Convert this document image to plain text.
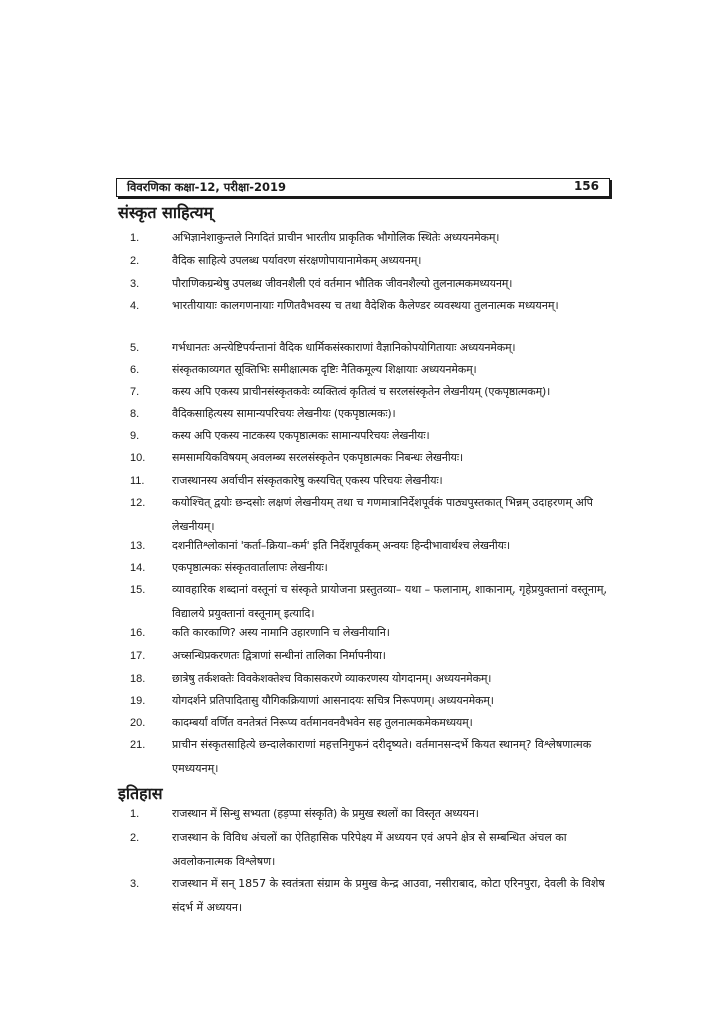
विवरणिका कक्षा-12, परीक्षा-2019	156
संस्कृत साहित्यम्
1.	अभिज्ञानेशाकुन्तले निगदितं प्राचीन भारतीय प्राकृतिक भौगोलिक स्थितेः अध्ययनमेकम्।
2.	वैदिक साहित्ये उपलब्ध पर्यावरण संरक्षणोपायानामेकम् अध्ययनम्।
3.	पौराणिकग्रन्थेषु उपलब्ध जीवनशैली एवं वर्तमान भौतिक जीवनशैल्यो तुलनात्मकमध्ययनम्।
4.	भारतीयायाः कालगणनायाः गणितवैभवस्य च तथा वैदेशिक कैलेण्डर व्यवस्थया तुलनात्मक मध्ययनम्।
5.	गर्भधानतः अन्त्येष्टिपर्यन्तानां वैदिक धार्मिकसंस्काराणां वैज्ञानिकोपयोगितायाः अध्ययनमेकम्।
6.	संस्कृतकाव्यगत सूक्तिभिः समीक्षात्मक दृष्टिः नैतिकमूल्य शिक्षायाः अध्ययनमेकम्।
7.	कस्य अपि एकस्य प्राचीनसंस्कृतकवेः व्यक्तित्वं कृतित्वं च सरलसंस्कृतेन लेखनीयम् (एकपृष्ठात्मकम्)।
8.	वैदिकसाहित्यस्य सामान्यपरिचयः लेखनीयः (एकपृष्ठात्मकः)।
9.	कस्य अपि एकस्य नाटकस्य एकपृष्ठात्मकः सामान्यपरिचयः लेखनीयः।
10. समसामयिकविषयम् अवलम्ब्य सरलसंस्कृतेन एकपृष्ठात्मकः निबन्धः लेखनीयः।
11.	राजस्थानस्य अर्वाचीन संस्कृतकारेषु कस्यचित् एकस्य परिचयः लेखनीयः।
12. कयोश्चित् द्वयोः छन्दसोः लक्षणं लेखनीयम् तथा च गणमात्रानिर्देशपूर्वकं पाठ्यपुस्तकात् भिन्नम् उदाहरणम् अपि लेखनीयम्।
13. दशनीतिश्लोकानां 'कर्ता–क्रिया–कर्म' इति निर्देशपूर्वकम् अन्वयः हिन्दीभावार्थश्च लेखनीयः।
14. एकपृष्ठात्मकः संस्कृतवार्तालापः लेखनीयः।
15. व्यावहारिक शब्दानां वस्तूनां च संस्कृते प्रायोजना प्रस्तुतव्या– यथा – फलानाम्, शाकानाम्, गृहेप्रयुक्तानां वस्तूनाम्, विद्यालये प्रयुक्तानां वस्तूनाम् इत्यादि।
16. कति कारकाणि? अस्य नामानि उहारणानि च लेखनीयानि।
17. अच्सन्धिप्रकरणतः द्वित्राणां सन्धीनां तालिका निर्मापनीया।
18. छात्रेषु तर्कशक्तेः विवकेशक्तेश्च विकासकरणे व्याकरणस्य योगदानम्। अध्ययनमेकम्।
19. योगदर्शने प्रतिपादितासु यौगिकक्रियाणां आसनादयः सचित्र निरूपणम्। अध्ययनमेकम्।
20. कादम्बर्यां वर्णित वनतेत्रतं निरूप्य वर्तमानवनवैभवेन सह तुलनात्मकमेकमध्ययम्।
21. प्राचीन संस्कृतसाहित्ये छन्दालेकाराणां महत्तनिगुफनं दरीदृष्यते। वर्तमानसन्दर्भे कियत स्थानम्? विश्लेषणात्मक एमध्ययनम्।
इतिहास
1.	राजस्थान में सिन्धु सभ्यता (हड़प्पा संस्कृति) के प्रमुख स्थलों का विस्तृत अध्ययन।
2.	राजस्थान के विविध अंचलों का ऐतिहासिक परिपेक्ष्य में अध्ययन एवं अपने क्षेत्र से सम्बन्धित अंचल का अवलोकनात्मक विश्लेषण।
3.	राजस्थान में सन् 1857 के स्वतंत्रता संग्राम के प्रमुख केन्द्र आउवा, नसीराबाद, कोटा एरिनपुरा, देवली के विशेष संदर्भ में अध्ययन।
